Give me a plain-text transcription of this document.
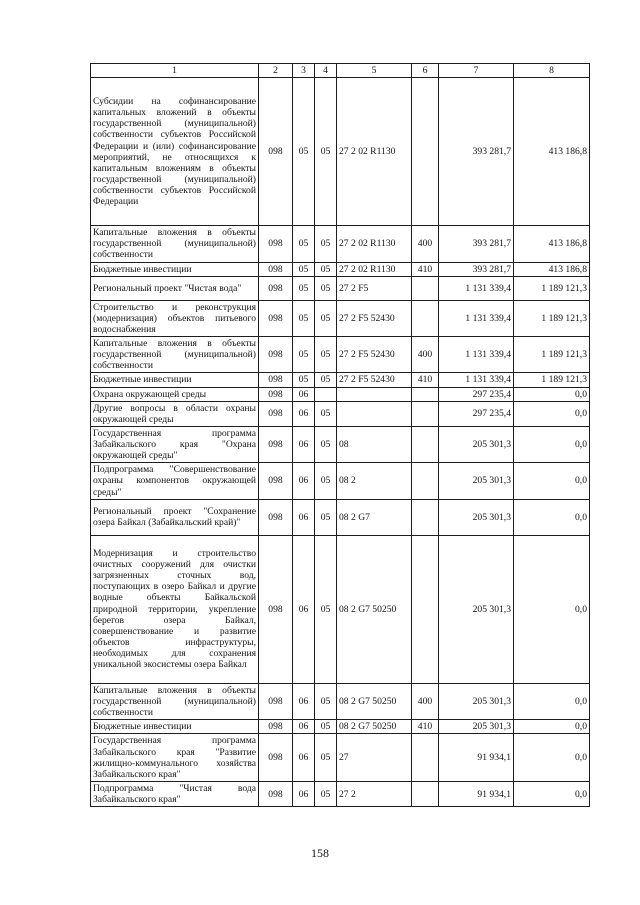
1	2	3	4	5	6	7	8
Субсидии на софинансирование капитальных вложений в объекты государственной (муниципальной) собственности субъектов Российской Федерации и (или) софинансирование мероприятий, не относящихся к капитальным вложениям в объекты государственной (муниципальной) собственности субъектов Российской Федерации	098	05	05	27 2 02 R1130		393 281,7	413 186,8
Капитальные вложения в объекты государственной (муниципальной) собственности	098	05	05	27 2 02 R1130	400	393 281,7	413 186,8
Бюджетные инвестиции	098	05	05	27 2 02 R1130	410	393 281,7	413 186,8
Региональный проект "Чистая вода"	098	05	05	27 2 F5		1 131 339,4	1 189 121,3
Строительство и реконструкция (модернизация) объектов питьевого водоснабжения	098	05	05	27 2 F5 52430		1 131 339,4	1 189 121,3
Капитальные вложения в объекты государственной (муниципальной) собственности	098	05	05	27 2 F5 52430	400	1 131 339,4	1 189 121,3
Бюджетные инвестиции	098	05	05	27 2 F5 52430	410	1 131 339,4	1 189 121,3
Охрана окружающей среды	098	06				297 235,4	0,0
Другие вопросы в области охраны окружающей среды	098	06	05			297 235,4	0,0
Государственная программа Забайкальского края "Охрана окружающей среды"	098	06	05	08		205 301,3	0,0
Подпрограмма "Совершенствование охраны компонентов окружающей среды"	098	06	05	08 2		205 301,3	0,0
Региональный проект "Сохранение озера Байкал (Забайкальский край)"	098	06	05	08 2 G7		205 301,3	0,0
Модернизация и строительство очистных сооружений для очистки загрязненных сточных вод, поступающих в озеро Байкал и другие водные объекты Байкальской природной территории, укрепление берегов озера Байкал, совершенствование и развитие объектов инфраструктуры, необходимых для сохранения уникальной экосистемы озера Байкал	098	06	05	08 2 G7 50250		205 301,3	0,0
Капитальные вложения в объекты государственной (муниципальной) собственности	098	06	05	08 2 G7 50250	400	205 301,3	0,0
Бюджетные инвестиции	098	06	05	08 2 G7 50250	410	205 301,3	0,0
Государственная программа Забайкальского края "Развитие жилищно-коммунального хозяйства Забайкальского края"	098	06	05	27		91 934,1	0,0
Подпрограмма "Чистая вода Забайкальского края"	098	06	05	27 2		91 934,1	0,0
158
